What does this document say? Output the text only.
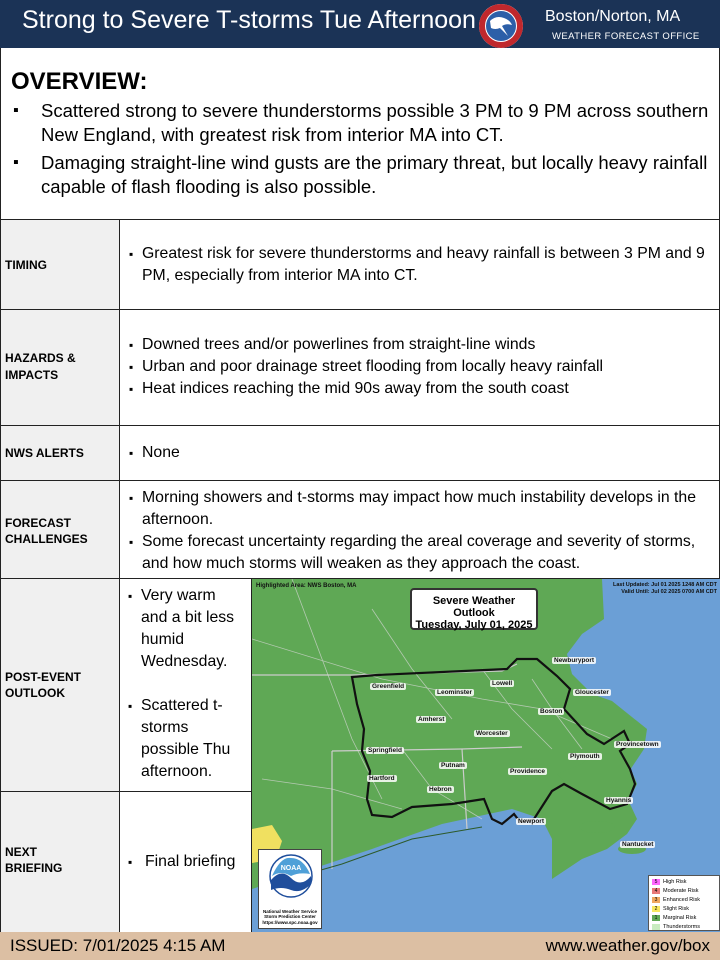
Strong to Severe T-storms Tue Afternoon	Boston/Norton, MA
WEATHER FORECAST OFFICE
OVERVIEW:
▪ Scattered strong to severe thunderstorms possible 3 PM to 9 PM across southern New England, with greatest risk from interior MA into CT.
▪ Damaging straight-line wind gusts are the primary threat, but locally heavy rainfall capable of flash flooding is also possible.
TIMING
▪ Greatest risk for severe thunderstorms and heavy rainfall is between 3 PM and 9 PM, especially from interior MA into CT.
HAZARDS &
IMPACTS
▪ Downed trees and/or powerlines from straight-line winds
▪ Urban and poor drainage street flooding from locally heavy rainfall
▪ Heat indices reaching the mid 90s away from the south coast
NWS ALERTS	▪ None
FORECAST
CHALLENGES
▪ Morning showers and t-storms may impact how much instability develops in the afternoon.
▪ Some forecast uncertainty regarding the areal coverage and severity of storms, and how much storms will weaken as they approach the coast.
POST-EVENT
OUTLOOK
▪ Very warm and a bit less humid Wednesday.
▪ Scattered t-storms possible Thu afternoon.
NEXT
BRIEFING	▪ Final briefing
Highlighted Area: NWS Boston, MA	Last Updated: Jul 01 2025 1248 AM CDT
Valid Until: Jul 02 2025 0700 AM CDT
Severe Weather Outlook
Tuesday, July 01, 2025
Newburyport
Greenfield	Lowell
Leominster	Gloucester
Amherst
Boston
Worcester
Springfield
Provincetown
Putnam
Plymouth
Hartford
Providence
Hebron
Hyannis
Newport
Nantucket
NOAA
National Weather Service
Storm Prediction Center
https://www.spc.noaa.gov
5 High Risk
4 Moderate Risk
3 Enhanced Risk
2 Slight Risk
1 Marginal Risk
Thunderstorms
ISSUED: 7/01/2025 4:15 AM	www.weather.gov/box
